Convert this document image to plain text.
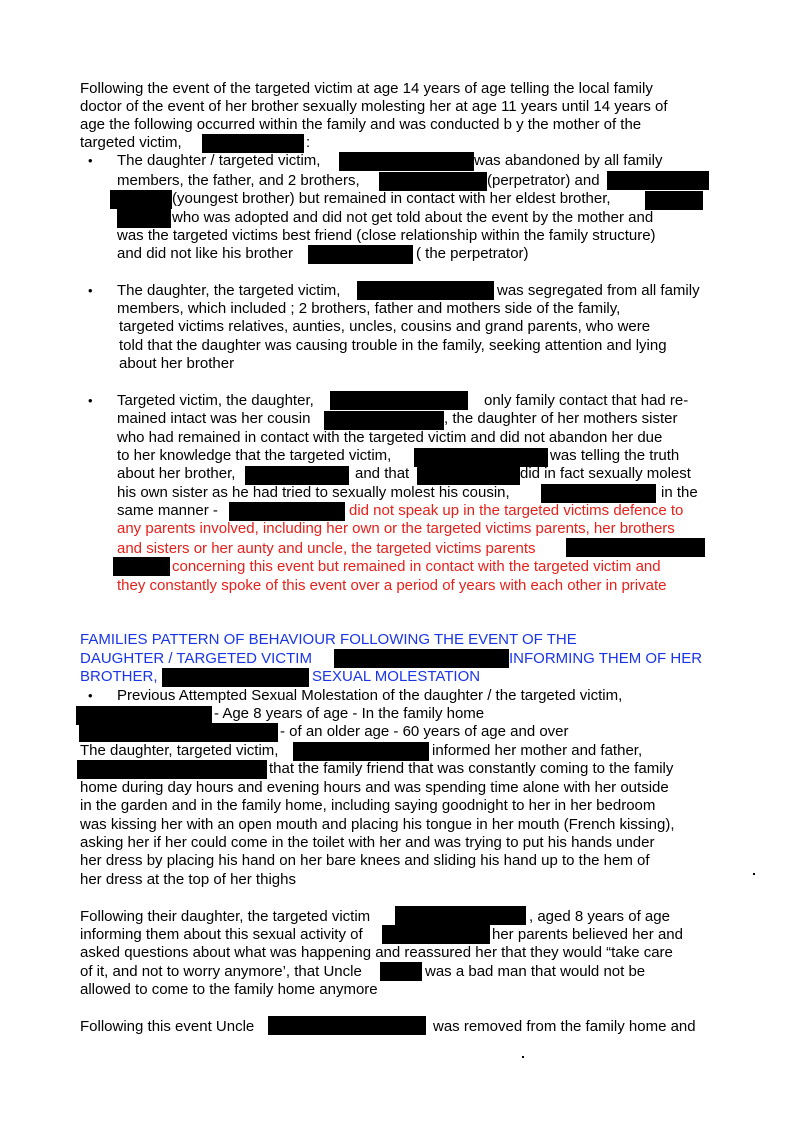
Following the event of the targeted victim at age 14 years of age telling the local family
doctor of the event of her brother sexually molesting her at age 11 years until 14 years of
age the following occurred within the family and was conducted b y the mother of the
targeted victim,	:
• The daughter / targeted victim,	was abandoned by all family
members, the father, and 2 brothers,	(perpetrator) and
(youngest brother) but remained in contact with her eldest brother,
who was adopted and did not get told about the event by the mother and
was the targeted victims best friend (close relationship within the family structure)
and did not like his brother	( the perpetrator)
• The daughter, the targeted victim,	was segregated from all family
members, which included ; 2 brothers, father and mothers side of the family,
targeted victims relatives, aunties, uncles, cousins and grand parents, who were
told that the daughter was causing trouble in the family, seeking attention and lying
about her brother
• Targeted victim, the daughter,	only family contact that had re-
mained intact was her cousin	, the daughter of her mothers sister
who had remained in contact with the targeted victim and did not abandon her due
to her knowledge that the targeted victim,	was telling the truth
about her brother,	and that	did in fact sexually molest
his own sister as he had tried to sexually molest his cousin,	in the
same manner -	did not speak up in the targeted victims defence to
any parents involved, including her own or the targeted victims parents, her brothers
and sisters or her aunty and uncle, the targeted victims parents
concerning this event but remained in contact with the targeted victim and
they constantly spoke of this event over a period of years with each other in private
FAMILIES PATTERN OF BEHAVIOUR FOLLOWING THE EVENT OF THE
DAUGHTER / TARGETED VICTIM	INFORMING THEM OF HER
BROTHER,	SEXUAL MOLESTATION
• Previous Attempted Sexual Molestation of the daughter / the targeted victim,
- Age 8 years of age - In the family home
- of an older age - 60 years of age and over
The daughter, targeted victim,	informed her mother and father,
that the family friend that was constantly coming to the family
home during day hours and evening hours and was spending time alone with her outside
in the garden and in the family home, including saying goodnight to her in her bedroom
was kissing her with an open mouth and placing his tongue in her mouth (French kissing),
asking her if her could come in the toilet with her and was trying to put his hands under
her dress by placing his hand on her bare knees and sliding his hand up to the hem of
her dress at the top of her thighs
Following their daughter, the targeted victim	, aged 8 years of age
informing them about this sexual activity of	her parents believed her and
asked questions about what was happening and reassured her that they would “take care
of it, and not to worry anymore’, that Uncle	was a bad man that would not be
allowed to come to the family home anymore
Following this event Uncle	was removed from the family home and
